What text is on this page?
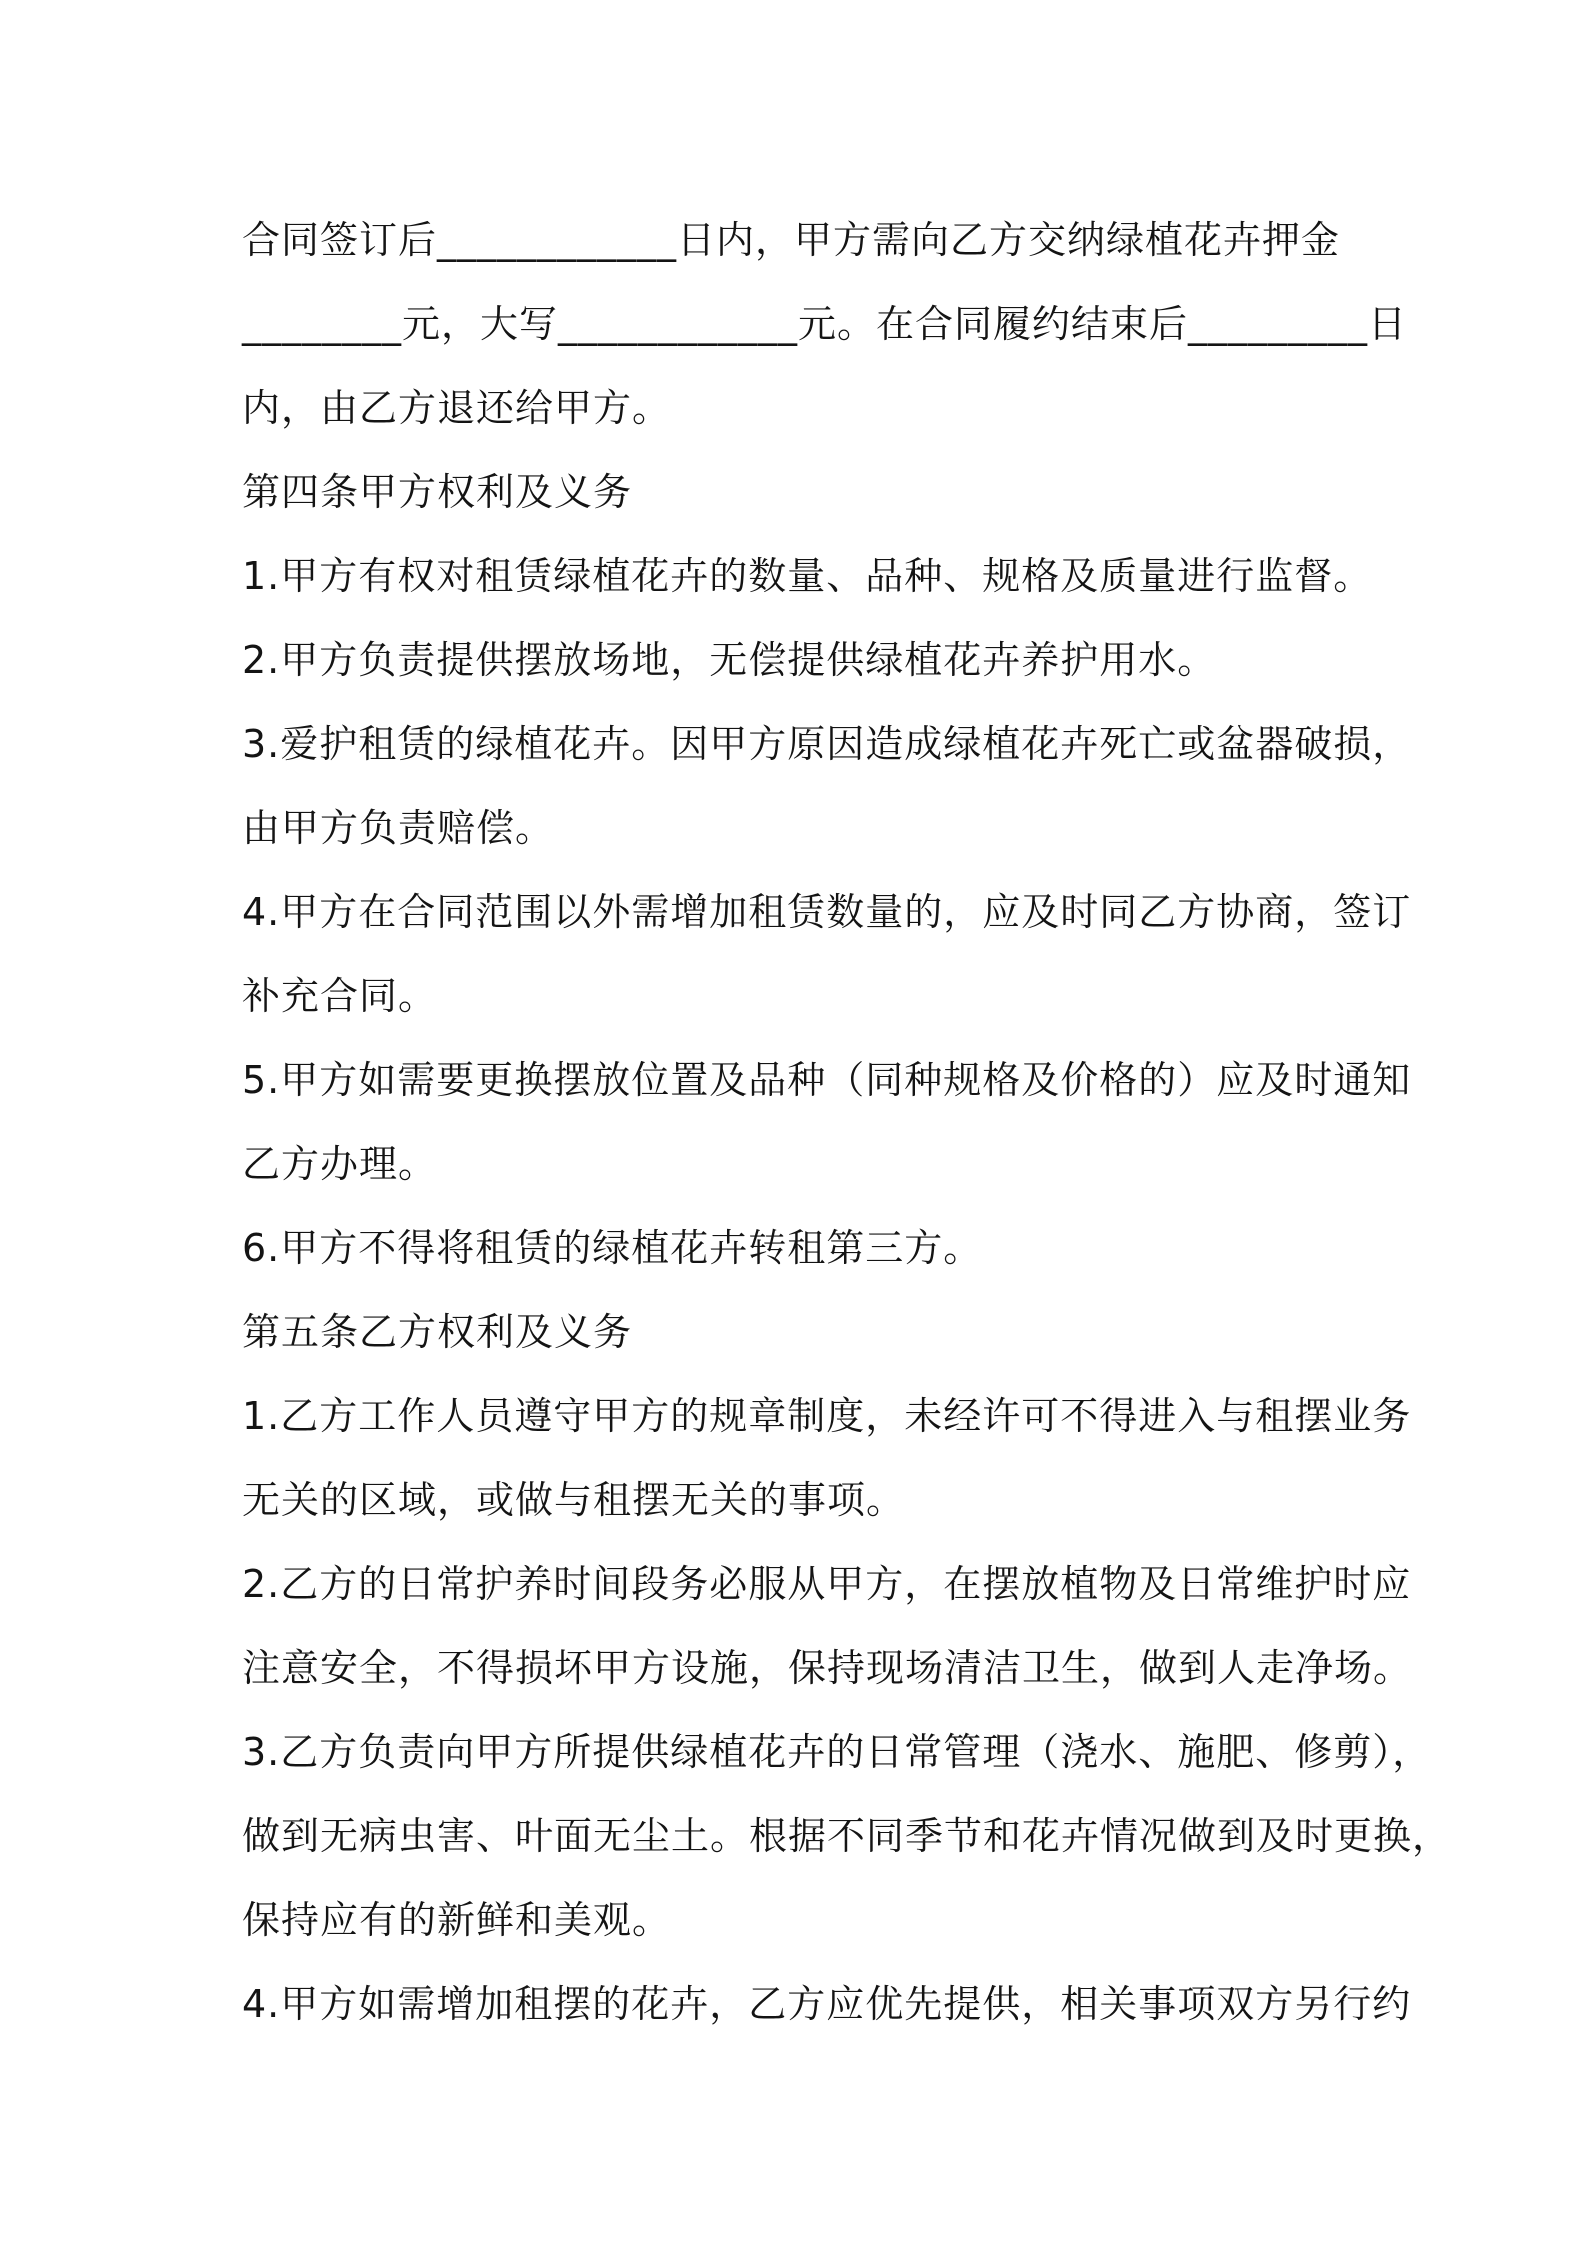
合同签订后____________日内，甲方需向乙方交纳绿植花卉押金
________元，大写____________元。在合同履约结束后_________日
内，由乙方退还给甲方。
第四条甲方权利及义务
1.甲方有权对租赁绿植花卉的数量、品种、规格及质量进行监督。
2.甲方负责提供摆放场地，无偿提供绿植花卉养护用水。
3.爱护租赁的绿植花卉。因甲方原因造成绿植花卉死亡或盆器破损，
由甲方负责赔偿。
4.甲方在合同范围以外需增加租赁数量的，应及时同乙方协商，签订
补充合同。
5.甲方如需要更换摆放位置及品种（同种规格及价格的）应及时通知
乙方办理。
6.甲方不得将租赁的绿植花卉转租第三方。
第五条乙方权利及义务
1.乙方工作人员遵守甲方的规章制度，未经许可不得进入与租摆业务
无关的区域，或做与租摆无关的事项。
2.乙方的日常护养时间段务必服从甲方，在摆放植物及日常维护时应
注意安全，不得损坏甲方设施，保持现场清洁卫生，做到人走净场。
3.乙方负责向甲方所提供绿植花卉的日常管理（浇水、施肥、修剪），
做到无病虫害、叶面无尘土。根据不同季节和花卉情况做到及时更换，
保持应有的新鲜和美观。
4.甲方如需增加租摆的花卉，乙方应优先提供，相关事项双方另行约
